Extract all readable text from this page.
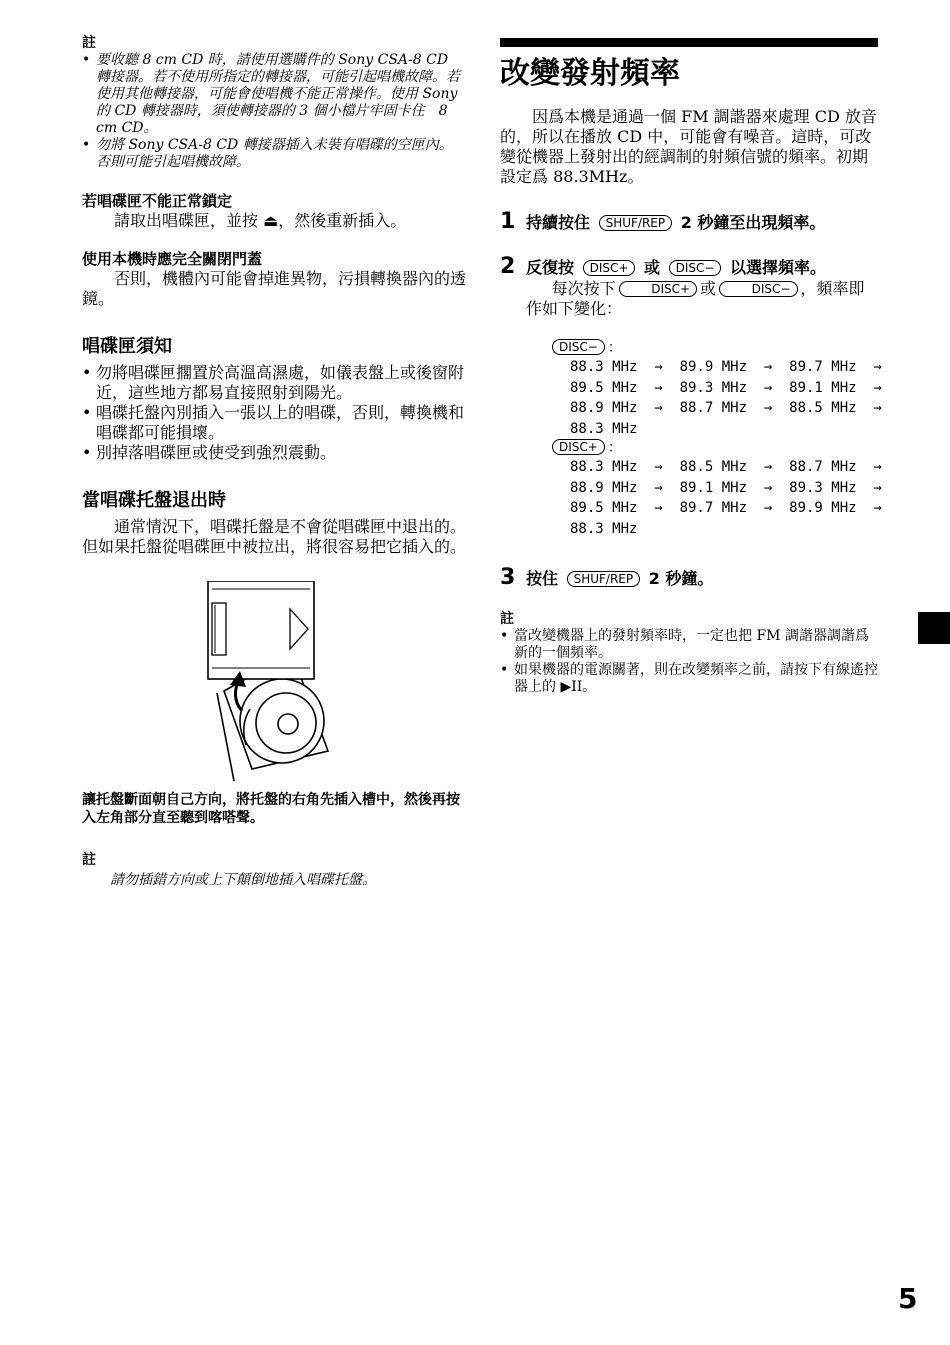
註
• 要收聽 8 cm CD 時，請使用選購件的 Sony CSA-8 CD 轉接器。若不使用所指定的轉接器，可能引起唱機故障。若使用其他轉接器，可能會使唱機不能正常操作。使用 Sony 的 CD 轉接器時，須使轉接器的 3 個小檔片牢固卡住　8 cm CD。
• 勿將 Sony CSA-8 CD 轉接器插入未裝有唱碟的空匣內。否則可能引起唱機故障。
若唱碟匣不能正常鎖定

請取出唱碟匣，並按 ⏏，然後重新插入。

使用本機時應完全關閉門蓋

否則，機體內可能會掉進異物，污損轉換器內的透鏡。

唱碟匣須知
• 勿將唱碟匣擱置於高溫高濕處，如儀表盤上或後窗附近，這些地方都易直接照射到陽光。
• 唱碟托盤內別插入一張以上的唱碟，否則，轉換機和唱碟都可能損壞。
• 別掉落唱碟匣或使受到強烈震動。
當唱碟托盤退出時

通常情況下，唱碟托盤是不會從唱碟匣中退出的。但如果托盤從唱碟匣中被拉出，將很容易把它插入的。

讓托盤斷面朝自己方向，將托盤的右角先插入槽中，然後再按入左角部分直至聽到喀嗒聲。

註

請勿插錯方向或上下顛倒地插入唱碟托盤。

改變發射頻率

因爲本機是通過一個 FM 調諧器來處理 CD 放音的，所以在播放 CD 中，可能會有噪音。這時，可改變從機器上發射出的經調制的射頻信號的頻率。初期設定爲 88.3MHz。

1 持續按住 SHUF/REP 2 秒鐘至出現頻率。
2 反復按 DISC+ 或 DISC− 以選擇頻率。

每次按下	DISC+ 或	DISC− ，頻率即作如下變化：

DISC− ：
88.3 MHz  →  89.9 MHz  →  89.7 MHz  →
89.5 MHz  →  89.3 MHz  →  89.1 MHz  →
88.9 MHz  →  88.7 MHz  →  88.5 MHz  →
88.3 MHz
DISC+ ：
88.3 MHz  →  88.5 MHz  →  88.7 MHz  →
88.9 MHz  →  89.1 MHz  →  89.3 MHz  →
89.5 MHz  →  89.7 MHz  →  89.9 MHz  →
88.3 MHz
3 按住 SHUF/REP 2 秒鐘。
註
• 當改變機器上的發射頻率時，一定也把 FM 調諧器調諧爲新的一個頻率。
• 如果機器的電源關著，則在改變頻率之前，請按下有線遙控器上的 ▶II。
5
